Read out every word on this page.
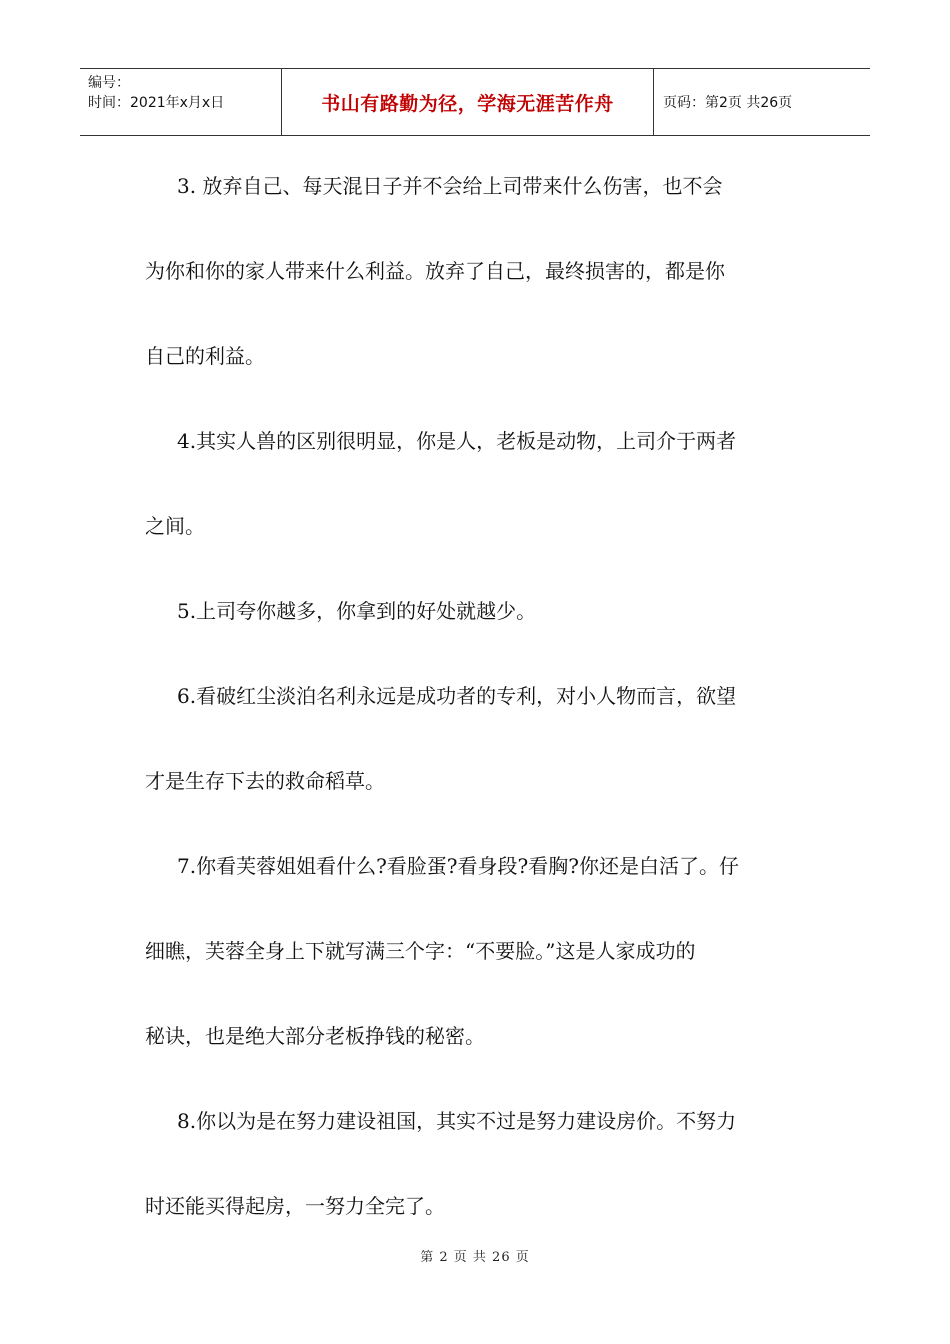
编号：
时间：2021年x月x日	书山有路勤为径，学海无涯苦作舟	页码：第2页 共26页

3. 放弃自己、每天混日子并不会给上司带来什么伤害，也不会

为你和你的家人带来什么利益。放弃了自己，最终损害的，都是你

自己的利益。

4.其实人兽的区别很明显，你是人，老板是动物，上司介于两者

之间。

5.上司夸你越多，你拿到的好处就越少。

6.看破红尘淡泊名利永远是成功者的专利，对小人物而言，欲望

才是生存下去的救命稻草。

7.你看芙蓉姐姐看什么?看脸蛋?看身段?看胸?你还是白活了。仔

细瞧，芙蓉全身上下就写满三个字：“不要脸。”这是人家成功的

秘诀，也是绝大部分老板挣钱的秘密。

8.你以为是在努力建设祖国，其实不过是努力建设房价。不努力

时还能买得起房，一努力全完了。

第 2 页 共 26 页
